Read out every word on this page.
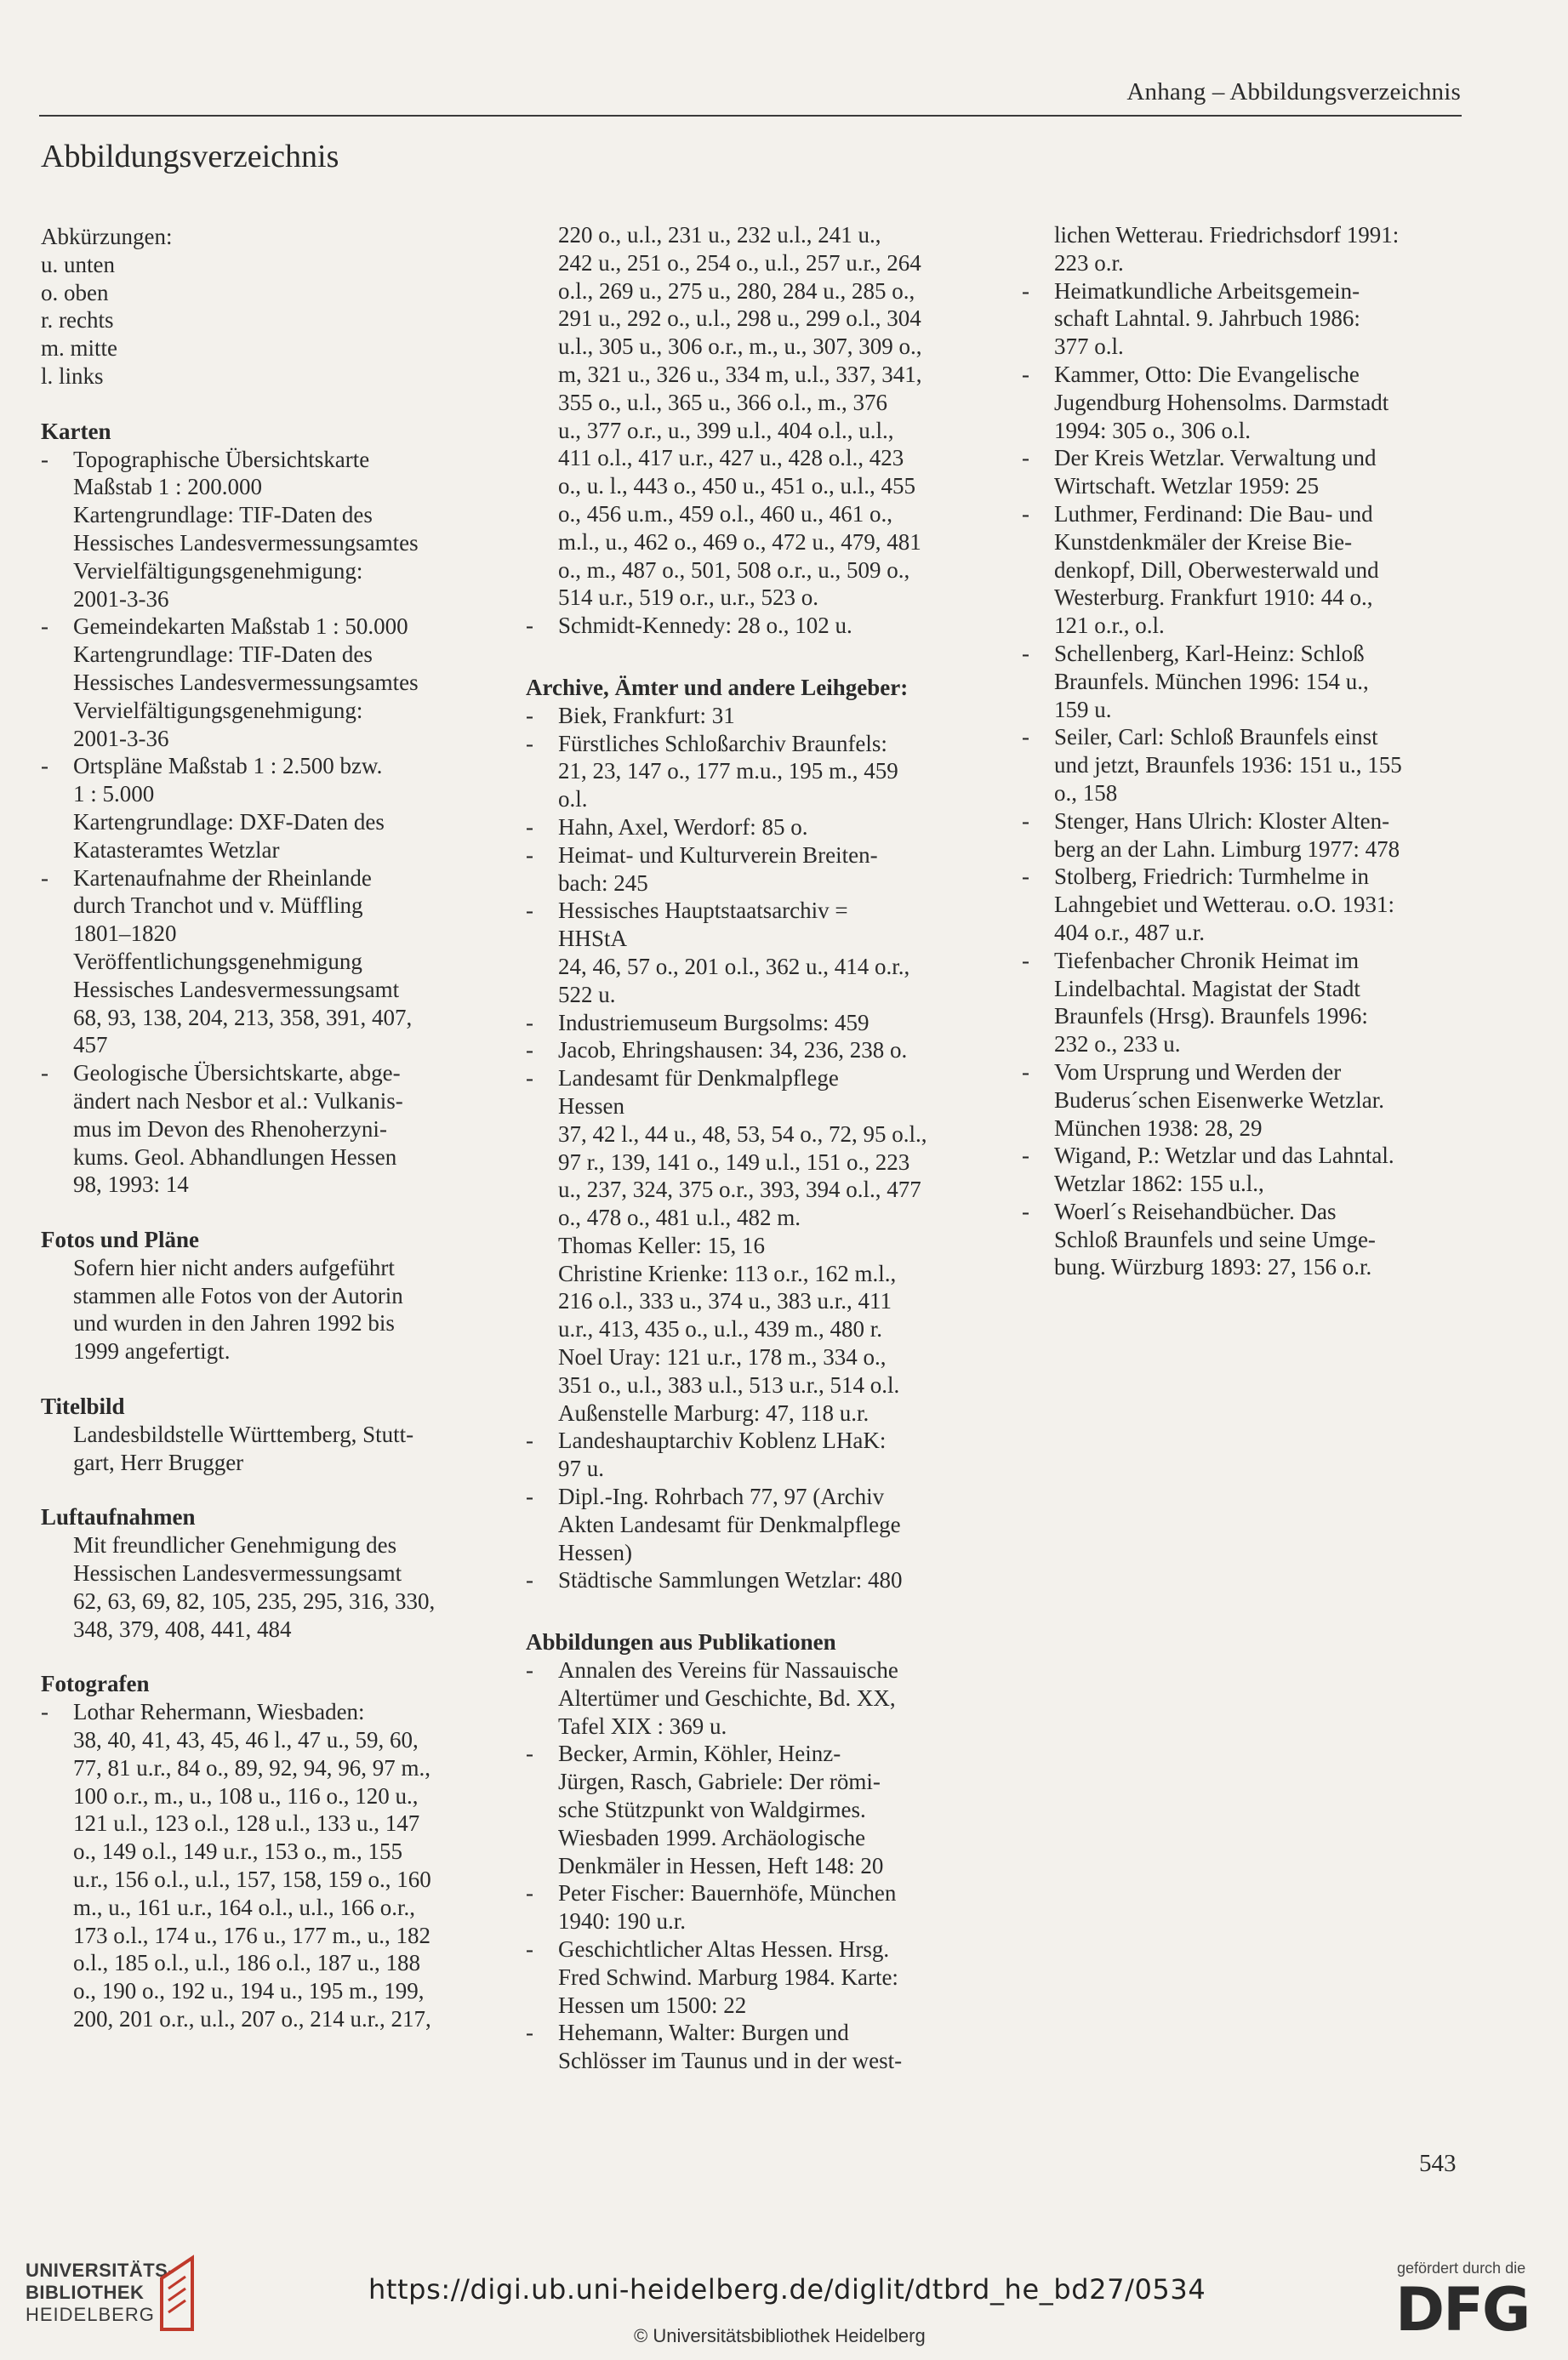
Anhang – Abbildungsverzeichnis
Abbildungsverzeichnis
Abkürzungen:
u. unten
o. oben
r. rechts
m. mitte
l. links
Karten
- Topographische Übersichtskarte
Maßstab 1 : 200.000
Kartengrundlage: TIF-Daten des
Hessisches Landesvermessungsamtes
Vervielfältigungsgenehmigung:
2001-3-36
- Gemeindekarten Maßstab 1 : 50.000
Kartengrundlage: TIF-Daten des
Hessisches Landesvermessungsamtes
Vervielfältigungsgenehmigung:
2001-3-36
- Ortspläne Maßstab 1 : 2.500 bzw.
1 : 5.000
Kartengrundlage: DXF-Daten des
Katasteramtes Wetzlar
- Kartenaufnahme der Rheinlande
durch Tranchot und v. Müffling
1801–1820
Veröffentlichungsgenehmigung
Hessisches Landesvermessungsamt
68, 93, 138, 204, 213, 358, 391, 407,
457
- Geologische Übersichtskarte, abge-
ändert nach Nesbor et al.: Vulkanis-
mus im Devon des Rhenoherzyni-
kums. Geol. Abhandlungen Hessen
98, 1993: 14
Fotos und Pläne
Sofern hier nicht anders aufgeführt
stammen alle Fotos von der Autorin
und wurden in den Jahren 1992 bis
1999 angefertigt.
Titelbild
Landesbildstelle Württemberg, Stutt-
gart, Herr Brugger
Luftaufnahmen
Mit freundlicher Genehmigung des
Hessischen Landesvermessungsamt
62, 63, 69, 82, 105, 235, 295, 316, 330,
348, 379, 408, 441, 484
Fotografen
- Lothar Rehermann, Wiesbaden:
38, 40, 41, 43, 45, 46 l., 47 u., 59, 60,
77, 81 u.r., 84 o., 89, 92, 94, 96, 97 m.,
100 o.r., m., u., 108 u., 116 o., 120 u.,
121 u.l., 123 o.l., 128 u.l., 133 u., 147
o., 149 o.l., 149 u.r., 153 o., m., 155
u.r., 156 o.l., u.l., 157, 158, 159 o., 160
m., u., 161 u.r., 164 o.l., u.l., 166 o.r.,
173 o.l., 174 u., 176 u., 177 m., u., 182
o.l., 185 o.l., u.l., 186 o.l., 187 u., 188
o., 190 o., 192 u., 194 u., 195 m., 199,
200, 201 o.r., u.l., 207 o., 214 u.r., 217,
220 o., u.l., 231 u., 232 u.l., 241 u.,
242 u., 251 o., 254 o., u.l., 257 u.r., 264
o.l., 269 u., 275 u., 280, 284 u., 285 o.,
291 u., 292 o., u.l., 298 u., 299 o.l., 304
u.l., 305 u., 306 o.r., m., u., 307, 309 o.,
m, 321 u., 326 u., 334 m, u.l., 337, 341,
355 o., u.l., 365 u., 366 o.l., m., 376
u., 377 o.r., u., 399 u.l., 404 o.l., u.l.,
411 o.l., 417 u.r., 427 u., 428 o.l., 423
o., u. l., 443 o., 450 u., 451 o., u.l., 455
o., 456 u.m., 459 o.l., 460 u., 461 o.,
m.l., u., 462 o., 469 o., 472 u., 479, 481
o., m., 487 o., 501, 508 o.r., u., 509 o.,
514 u.r., 519 o.r., u.r., 523 o.
- Schmidt-Kennedy: 28 o., 102 u.
Archive, Ämter und andere Leihgeber:
- Biek, Frankfurt: 31
- Fürstliches Schloßarchiv Braunfels:
21, 23, 147 o., 177 m.u., 195 m., 459
o.l.
- Hahn, Axel, Werdorf: 85 o.
- Heimat- und Kulturverein Breiten-
bach: 245
- Hessisches Hauptstaatsarchiv =
HHStA
24, 46, 57 o., 201 o.l., 362 u., 414 o.r.,
522 u.
- Industriemuseum Burgsolms: 459
- Jacob, Ehringshausen: 34, 236, 238 o.
- Landesamt für Denkmalpflege
Hessen
37, 42 l., 44 u., 48, 53, 54 o., 72, 95 o.l.,
97 r., 139, 141 o., 149 u.l., 151 o., 223
u., 237, 324, 375 o.r., 393, 394 o.l., 477
o., 478 o., 481 u.l., 482 m.
Thomas Keller: 15, 16
Christine Krienke: 113 o.r., 162 m.l.,
216 o.l., 333 u., 374 u., 383 u.r., 411
u.r., 413, 435 o., u.l., 439 m., 480 r.
Noel Uray: 121 u.r., 178 m., 334 o.,
351 o., u.l., 383 u.l., 513 u.r., 514 o.l.
Außenstelle Marburg: 47, 118 u.r.
- Landeshauptarchiv Koblenz LHaK:
97 u.
- Dipl.-Ing. Rohrbach 77, 97 (Archiv
Akten Landesamt für Denkmalpflege
Hessen)
- Städtische Sammlungen Wetzlar: 480
Abbildungen aus Publikationen
- Annalen des Vereins für Nassauische
Altertümer und Geschichte, Bd. XX,
Tafel XIX : 369 u.
- Becker, Armin, Köhler, Heinz-
Jürgen, Rasch, Gabriele: Der römi-
sche Stützpunkt von Waldgirmes.
Wiesbaden 1999. Archäologische
Denkmäler in Hessen, Heft 148: 20
- Peter Fischer: Bauernhöfe, München
1940: 190 u.r.
- Geschichtlicher Altas Hessen. Hrsg.
Fred Schwind. Marburg 1984. Karte:
Hessen um 1500: 22
- Hehemann, Walter: Burgen und
Schlösser im Taunus und in der west-
lichen Wetterau. Friedrichsdorf 1991:
223 o.r.
- Heimatkundliche Arbeitsgemein-
schaft Lahntal. 9. Jahrbuch 1986:
377 o.l.
- Kammer, Otto: Die Evangelische
Jugendburg Hohensolms. Darmstadt
1994: 305 o., 306 o.l.
- Der Kreis Wetzlar. Verwaltung und
Wirtschaft. Wetzlar 1959: 25
- Luthmer, Ferdinand: Die Bau- und
Kunstdenkmäler der Kreise Bie-
denkopf, Dill, Oberwesterwald und
Westerburg. Frankfurt 1910: 44 o.,
121 o.r., o.l.
- Schellenberg, Karl-Heinz: Schloß
Braunfels. München 1996: 154 u.,
159 u.
- Seiler, Carl: Schloß Braunfels einst
und jetzt, Braunfels 1936: 151 u., 155
o., 158
- Stenger, Hans Ulrich: Kloster Alten-
berg an der Lahn. Limburg 1977: 478
- Stolberg, Friedrich: Turmhelme in
Lahngebiet und Wetterau. o.O. 1931:
404 o.r., 487 u.r.
- Tiefenbacher Chronik Heimat im
Lindelbachtal. Magistat der Stadt
Braunfels (Hrsg). Braunfels 1996:
232 o., 233 u.
- Vom Ursprung und Werden der
Buderus´schen Eisenwerke Wetzlar.
München 1938: 28, 29
- Wigand, P.: Wetzlar und das Lahntal.
Wetzlar 1862: 155 u.l.,
- Woerl´s Reisehandbücher. Das
Schloß Braunfels und seine Umge-
bung. Würzburg 1893: 27, 156 o.r.
543
UNIVERSITÄTS-
BIBLIOTHEK
HEIDELBERG
https://digi.ub.uni-heidelberg.de/diglit/dtbrd_he_bd27/0534
© Universitätsbibliothek Heidelberg
gefördert durch die
DFG
